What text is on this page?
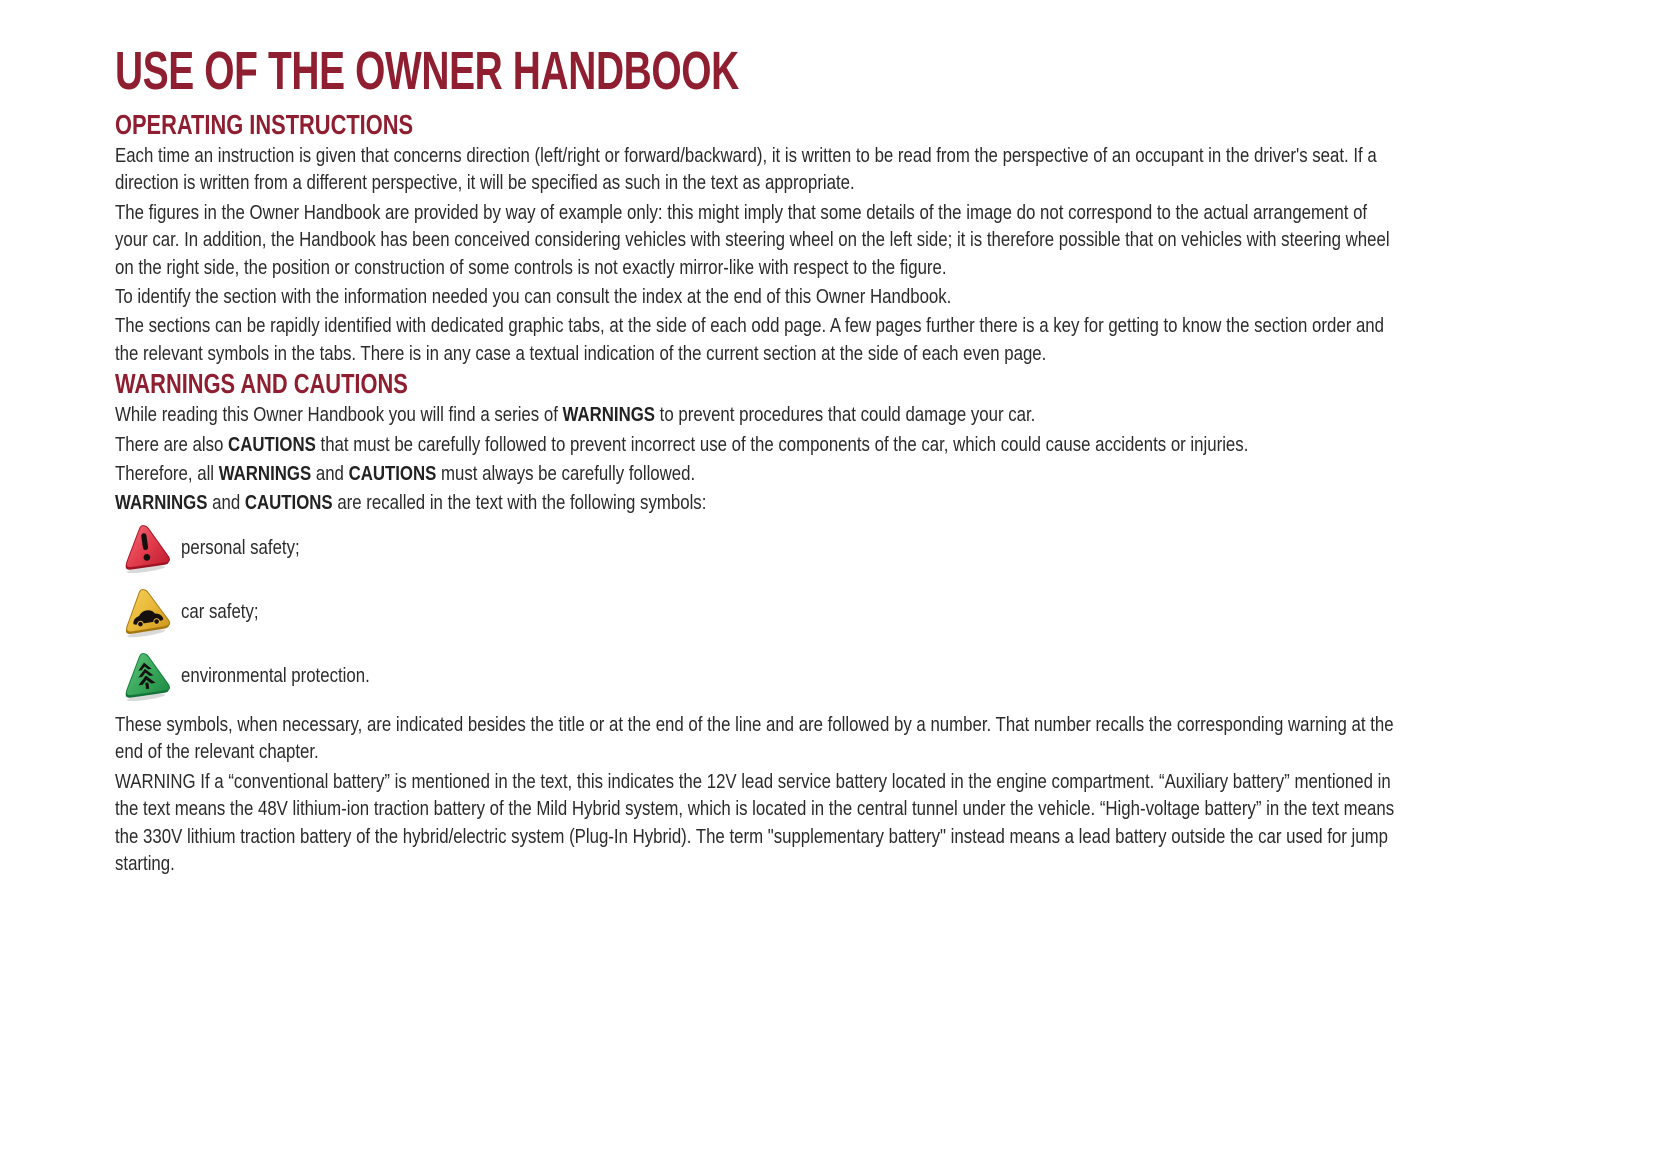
USE OF THE OWNER HANDBOOK
OPERATING INSTRUCTIONS

Each time an instruction is given that concerns direction (left/right or forward/backward), it is written to be read from the perspective of an occupant in the driver's seat. If a direction is written from a different perspective, it will be specified as such in the text as appropriate.

The figures in the Owner Handbook are provided by way of example only: this might imply that some details of the image do not correspond to the actual arrangement of your car. In addition, the Handbook has been conceived considering vehicles with steering wheel on the left side; it is therefore possible that on vehicles with steering wheel on the right side, the position or construction of some controls is not exactly mirror-like with respect to the figure.

To identify the section with the information needed you can consult the index at the end of this Owner Handbook.

The sections can be rapidly identified with dedicated graphic tabs, at the side of each odd page. A few pages further there is a key for getting to know the section order and the relevant symbols in the tabs. There is in any case a textual indication of the current section at the side of each even page.

WARNINGS AND CAUTIONS

While reading this Owner Handbook you will find a series of WARNINGS to prevent procedures that could damage your car.

There are also CAUTIONS that must be carefully followed to prevent incorrect use of the components of the car, which could cause accidents or injuries.

Therefore, all WARNINGS and CAUTIONS must always be carefully followed.

WARNINGS and CAUTIONS are recalled in the text with the following symbols:

personal safety;
car safety;
environmental protection.

These symbols, when necessary, are indicated besides the title or at the end of the line and are followed by a number. That number recalls the corresponding warning at the end of the relevant chapter.

WARNING If a “conventional battery” is mentioned in the text, this indicates the 12V lead service battery located in the engine compartment. “Auxiliary battery” mentioned in the text means the 48V lithium-ion traction battery of the Mild Hybrid system, which is located in the central tunnel under the vehicle. “High-voltage battery” in the text means the 330V lithium traction battery of the hybrid/electric system (Plug-In Hybrid). The term "supplementary battery" instead means a lead battery outside the car used for jump starting.
